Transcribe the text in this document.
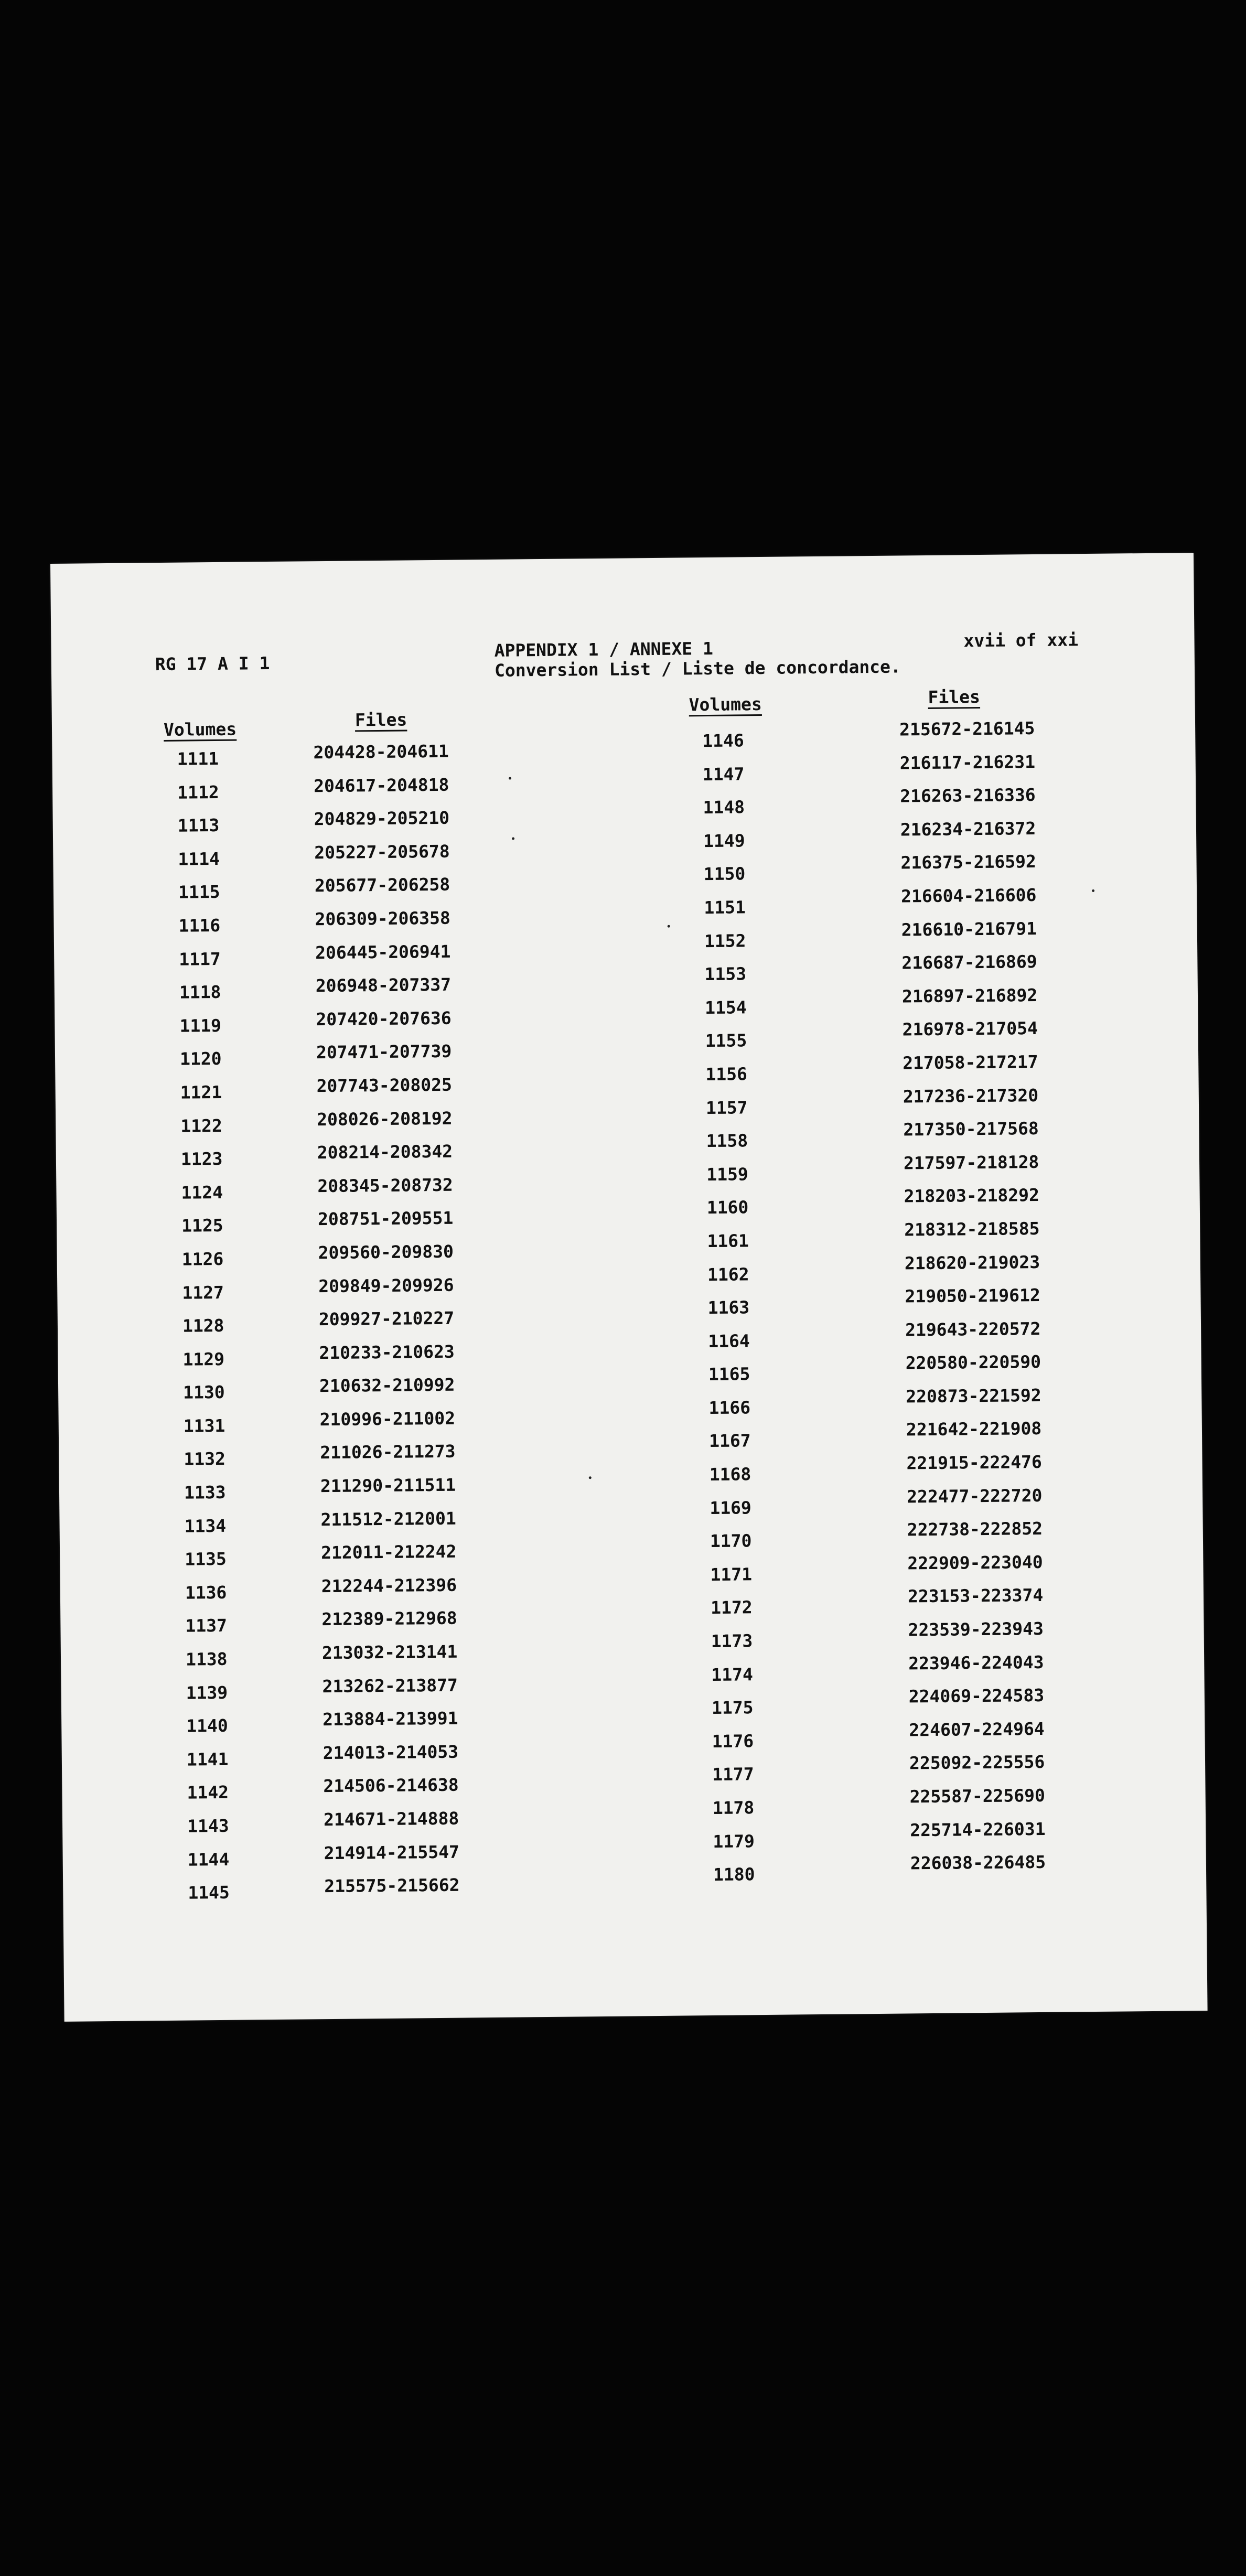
RG 17 A I 1
APPENDIX 1 / ANNEXE 1
Conversion List / Liste de concordance.
xvii of xxi
Volumes	Files
Volumes	Files
1111
1112
1113
1114
1115
1116
1117
1118
1119
1120
1121
1122
1123
1124
1125
1126
1127
1128
1129
1130
1131
1132
1133
1134
1135
1136
1137
1138
1139
1140
1141
1142
1143
1144
1145
204428-204611
204617-204818
204829-205210
205227-205678
205677-206258
206309-206358
206445-206941
206948-207337
207420-207636
207471-207739
207743-208025
208026-208192
208214-208342
208345-208732
208751-209551
209560-209830
209849-209926
209927-210227
210233-210623
210632-210992
210996-211002
211026-211273
211290-211511
211512-212001
212011-212242
212244-212396
212389-212968
213032-213141
213262-213877
213884-213991
214013-214053
214506-214638
214671-214888
214914-215547
215575-215662
1146
1147
1148
1149
1150
1151
1152
1153
1154
1155
1156
1157
1158
1159
1160
1161
1162
1163
1164
1165
1166
1167
1168
1169
1170
1171
1172
1173
1174
1175
1176
1177
1178
1179
1180
215672-216145
216117-216231
216263-216336
216234-216372
216375-216592
216604-216606
216610-216791
216687-216869
216897-216892
216978-217054
217058-217217
217236-217320
217350-217568
217597-218128
218203-218292
218312-218585
218620-219023
219050-219612
219643-220572
220580-220590
220873-221592
221642-221908
221915-222476
222477-222720
222738-222852
222909-223040
223153-223374
223539-223943
223946-224043
224069-224583
224607-224964
225092-225556
225587-225690
225714-226031
226038-226485
